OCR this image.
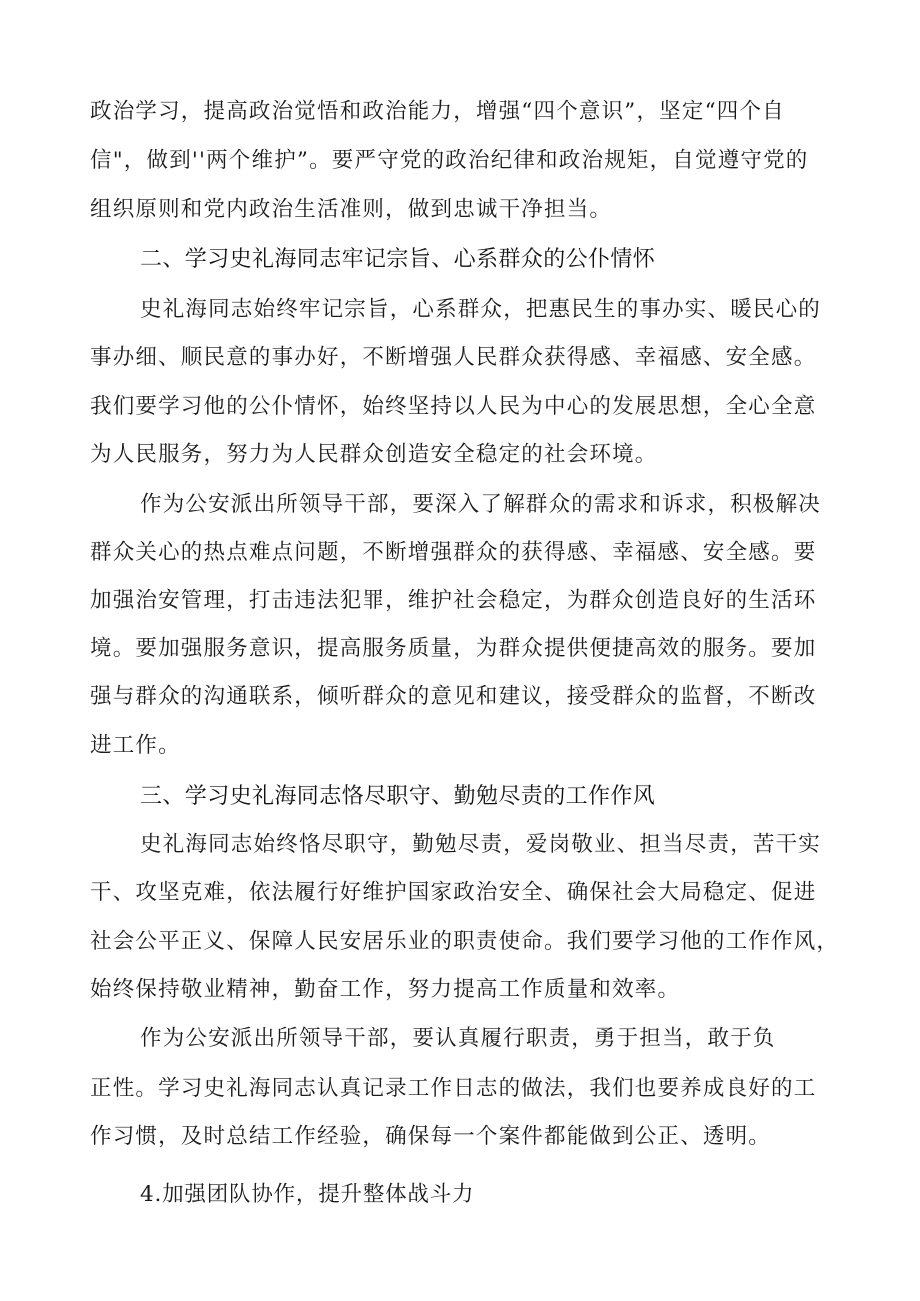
政治学习，提高政治觉悟和政治能力，增强“四个意识”，坚定“四个自
信"，做到''两个维护”。要严守党的政治纪律和政治规矩，自觉遵守党的
组织原则和党内政治生活准则，做到忠诚干净担当。
二、学习史礼海同志牢记宗旨、心系群众的公仆情怀
史礼海同志始终牢记宗旨，心系群众，把惠民生的事办实、暖民心的
事办细、顺民意的事办好，不断增强人民群众获得感、幸福感、安全感。
我们要学习他的公仆情怀，始终坚持以人民为中心的发展思想，全心全意
为人民服务，努力为人民群众创造安全稳定的社会环境。
作为公安派出所领导干部，要深入了解群众的需求和诉求，积极解决
群众关心的热点难点问题，不断增强群众的获得感、幸福感、安全感。要
加强治安管理，打击违法犯罪，维护社会稳定，为群众创造良好的生活环
境。要加强服务意识，提高服务质量，为群众提供便捷高效的服务。要加
强与群众的沟通联系，倾听群众的意见和建议，接受群众的监督，不断改
进工作。
三、学习史礼海同志恪尽职守、勤勉尽责的工作作风
史礼海同志始终恪尽职守，勤勉尽责，爱岗敬业、担当尽责，苦干实
干、攻坚克难，依法履行好维护国家政治安全、确保社会大局稳定、促进
社会公平正义、保障人民安居乐业的职责使命。我们要学习他的工作作风，
始终保持敬业精神，勤奋工作，努力提高工作质量和效率。
作为公安派出所领导干部，要认真履行职责，勇于担当，敢于负
正性。学习史礼海同志认真记录工作日志的做法，我们也要养成良好的工
作习惯，及时总结工作经验，确保每一个案件都能做到公正、透明。
4.加强团队协作，提升整体战斗力
